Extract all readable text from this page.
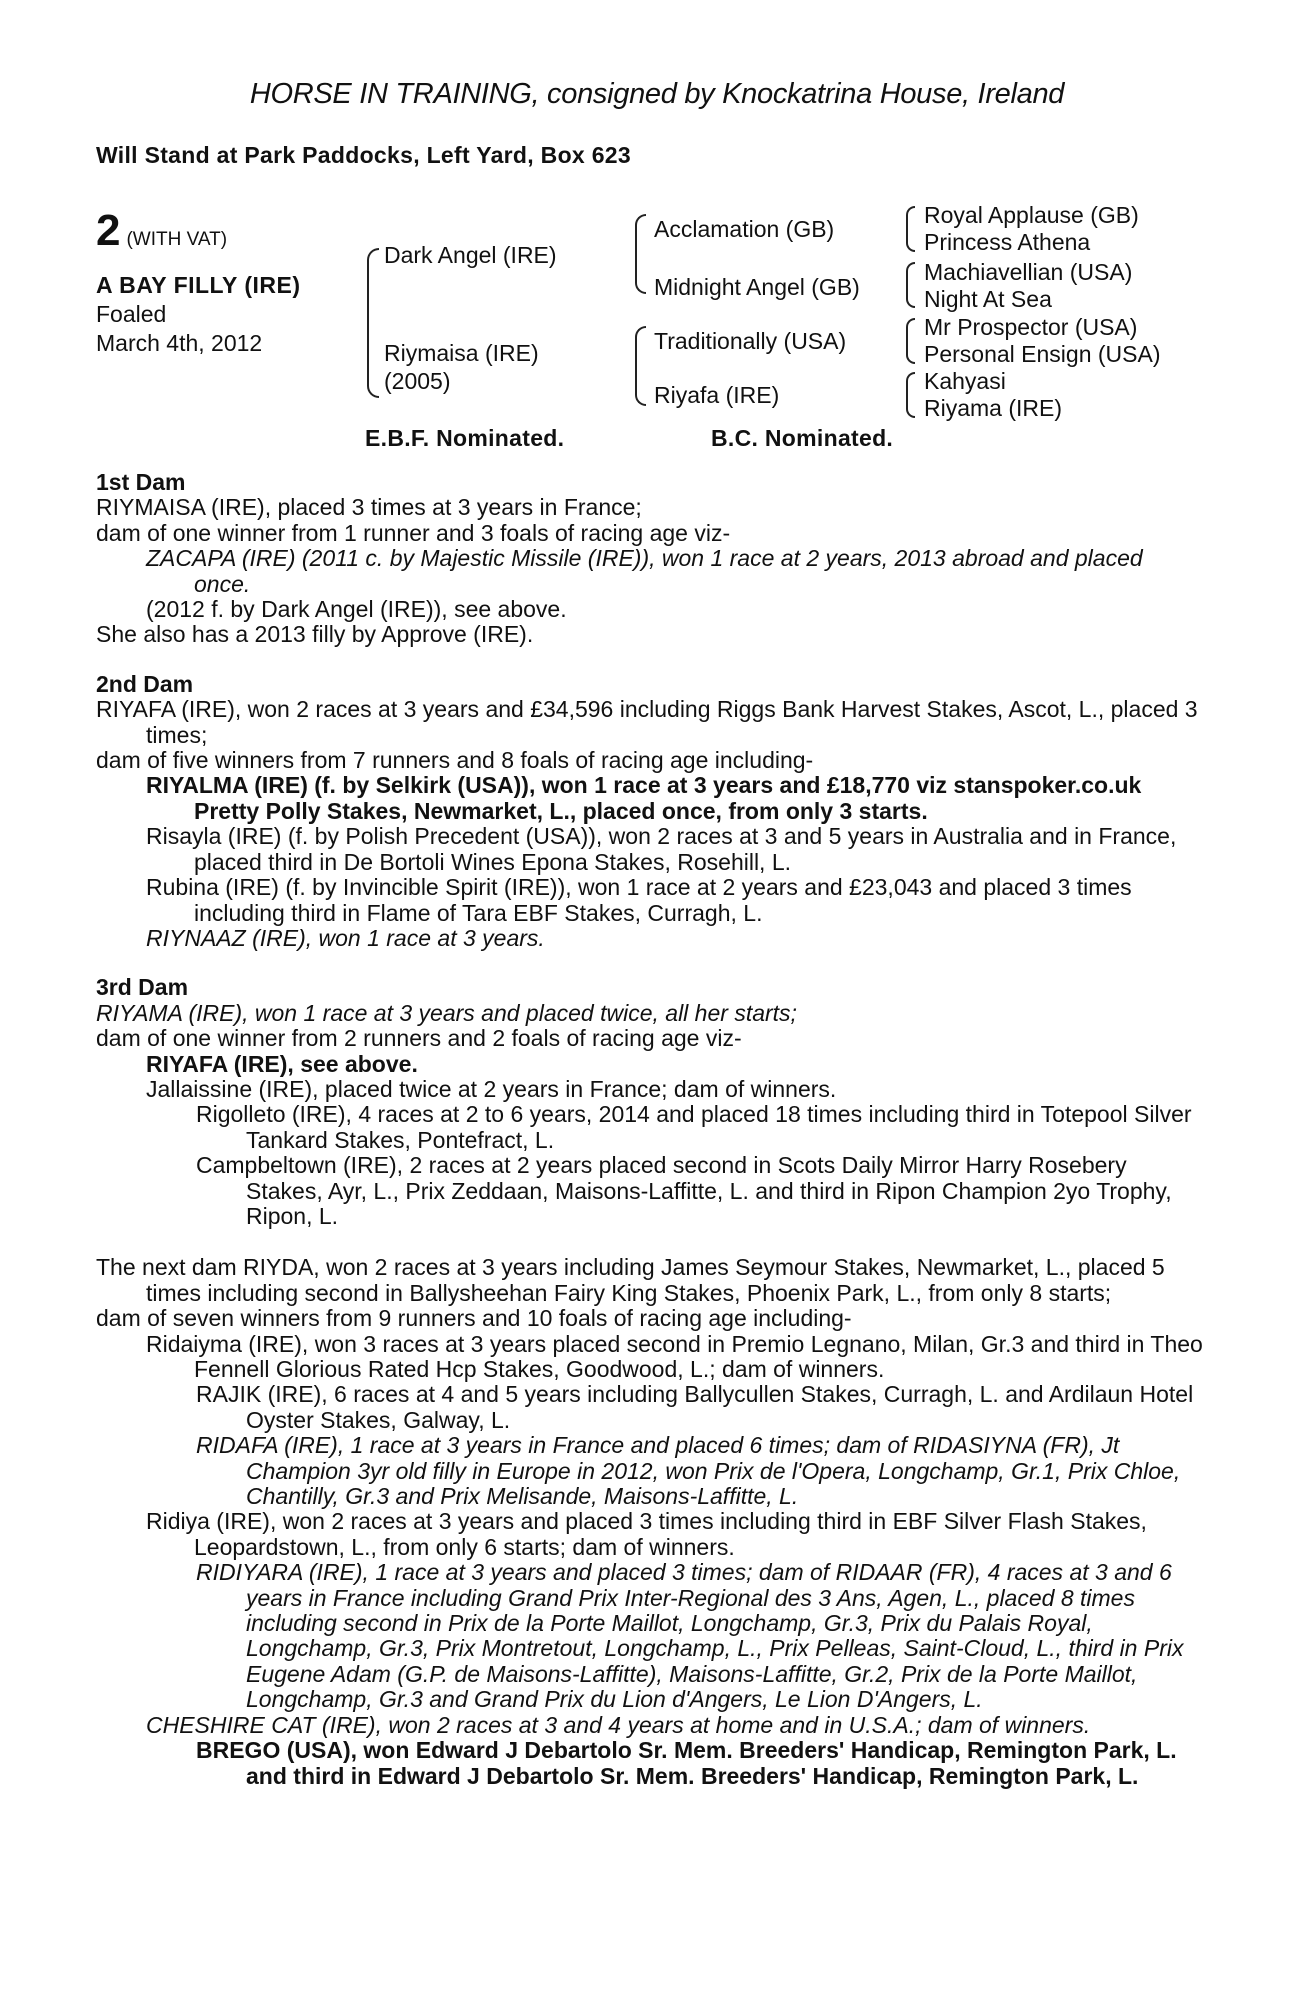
HORSE IN TRAINING, consigned by Knockatrina House, Ireland
Will Stand at Park Paddocks, Left Yard, Box 623
2 (WITH VAT)
A BAY FILLY (IRE)
Foaled
March 4th, 2012
Dark Angel (IRE)
Riymaisa (IRE)
(2005)
Acclamation (GB)
Midnight Angel (GB)
Traditionally (USA)
Riyafa (IRE)
Royal Applause (GB)
Princess Athena
Machiavellian (USA)
Night At Sea
Mr Prospector (USA)
Personal Ensign (USA)
Kahyasi
Riyama (IRE)
E.B.F. Nominated.	B.C. Nominated.
1st Dam
RIYMAISA (IRE), placed 3 times at 3 years in France;
dam of one winner from 1 runner and 3 foals of racing age viz-
ZACAPA (IRE) (2011 c. by Majestic Missile (IRE)), won 1 race at 2 years, 2013 abroad and placed once.
(2012 f. by Dark Angel (IRE)), see above.
She also has a 2013 filly by Approve (IRE).
2nd Dam
RIYAFA (IRE), won 2 races at 3 years and £34,596 including Riggs Bank Harvest Stakes, Ascot, L., placed 3 times;
dam of five winners from 7 runners and 8 foals of racing age including-
RIYALMA (IRE) (f. by Selkirk (USA)), won 1 race at 3 years and £18,770 viz stanspoker.co.uk Pretty Polly Stakes, Newmarket, L., placed once, from only 3 starts.
Risayla (IRE) (f. by Polish Precedent (USA)), won 2 races at 3 and 5 years in Australia and in France, placed third in De Bortoli Wines Epona Stakes, Rosehill, L.
Rubina (IRE) (f. by Invincible Spirit (IRE)), won 1 race at 2 years and £23,043 and placed 3 times including third in Flame of Tara EBF Stakes, Curragh, L.
RIYNAAZ (IRE), won 1 race at 3 years.
3rd Dam
RIYAMA (IRE), won 1 race at 3 years and placed twice, all her starts;
dam of one winner from 2 runners and 2 foals of racing age viz-
RIYAFA (IRE), see above.
Jallaissine (IRE), placed twice at 2 years in France; dam of winners.
Rigolleto (IRE), 4 races at 2 to 6 years, 2014 and placed 18 times including third in Totepool Silver Tankard Stakes, Pontefract, L.
Campbeltown (IRE), 2 races at 2 years placed second in Scots Daily Mirror Harry Rosebery Stakes, Ayr, L., Prix Zeddaan, Maisons-Laffitte, L. and third in Ripon Champion 2yo Trophy, Ripon, L.
The next dam RIYDA, won 2 races at 3 years including James Seymour Stakes, Newmarket, L., placed 5 times including second in Ballysheehan Fairy King Stakes, Phoenix Park, L., from only 8 starts;
dam of seven winners from 9 runners and 10 foals of racing age including-
Ridaiyma (IRE), won 3 races at 3 years placed second in Premio Legnano, Milan, Gr.3 and third in Theo Fennell Glorious Rated Hcp Stakes, Goodwood, L.; dam of winners.
RAJIK (IRE), 6 races at 4 and 5 years including Ballycullen Stakes, Curragh, L. and Ardilaun Hotel Oyster Stakes, Galway, L.
RIDAFA (IRE), 1 race at 3 years in France and placed 6 times; dam of RIDASIYNA (FR), Jt Champion 3yr old filly in Europe in 2012, won Prix de l'Opera, Longchamp, Gr.1, Prix Chloe, Chantilly, Gr.3 and Prix Melisande, Maisons-Laffitte, L.
Ridiya (IRE), won 2 races at 3 years and placed 3 times including third in EBF Silver Flash Stakes, Leopardstown, L., from only 6 starts; dam of winners.
RIDIYARA (IRE), 1 race at 3 years and placed 3 times; dam of RIDAAR (FR), 4 races at 3 and 6 years in France including Grand Prix Inter-Regional des 3 Ans, Agen, L., placed 8 times including second in Prix de la Porte Maillot, Longchamp, Gr.3, Prix du Palais Royal, Longchamp, Gr.3, Prix Montretout, Longchamp, L., Prix Pelleas, Saint-Cloud, L., third in Prix Eugene Adam (G.P. de Maisons-Laffitte), Maisons-Laffitte, Gr.2, Prix de la Porte Maillot, Longchamp, Gr.3 and Grand Prix du Lion d'Angers, Le Lion D'Angers, L.
CHESHIRE CAT (IRE), won 2 races at 3 and 4 years at home and in U.S.A.; dam of winners.
BREGO (USA), won Edward J Debartolo Sr. Mem. Breeders' Handicap, Remington Park, L. and third in Edward J Debartolo Sr. Mem. Breeders' Handicap, Remington Park, L.
